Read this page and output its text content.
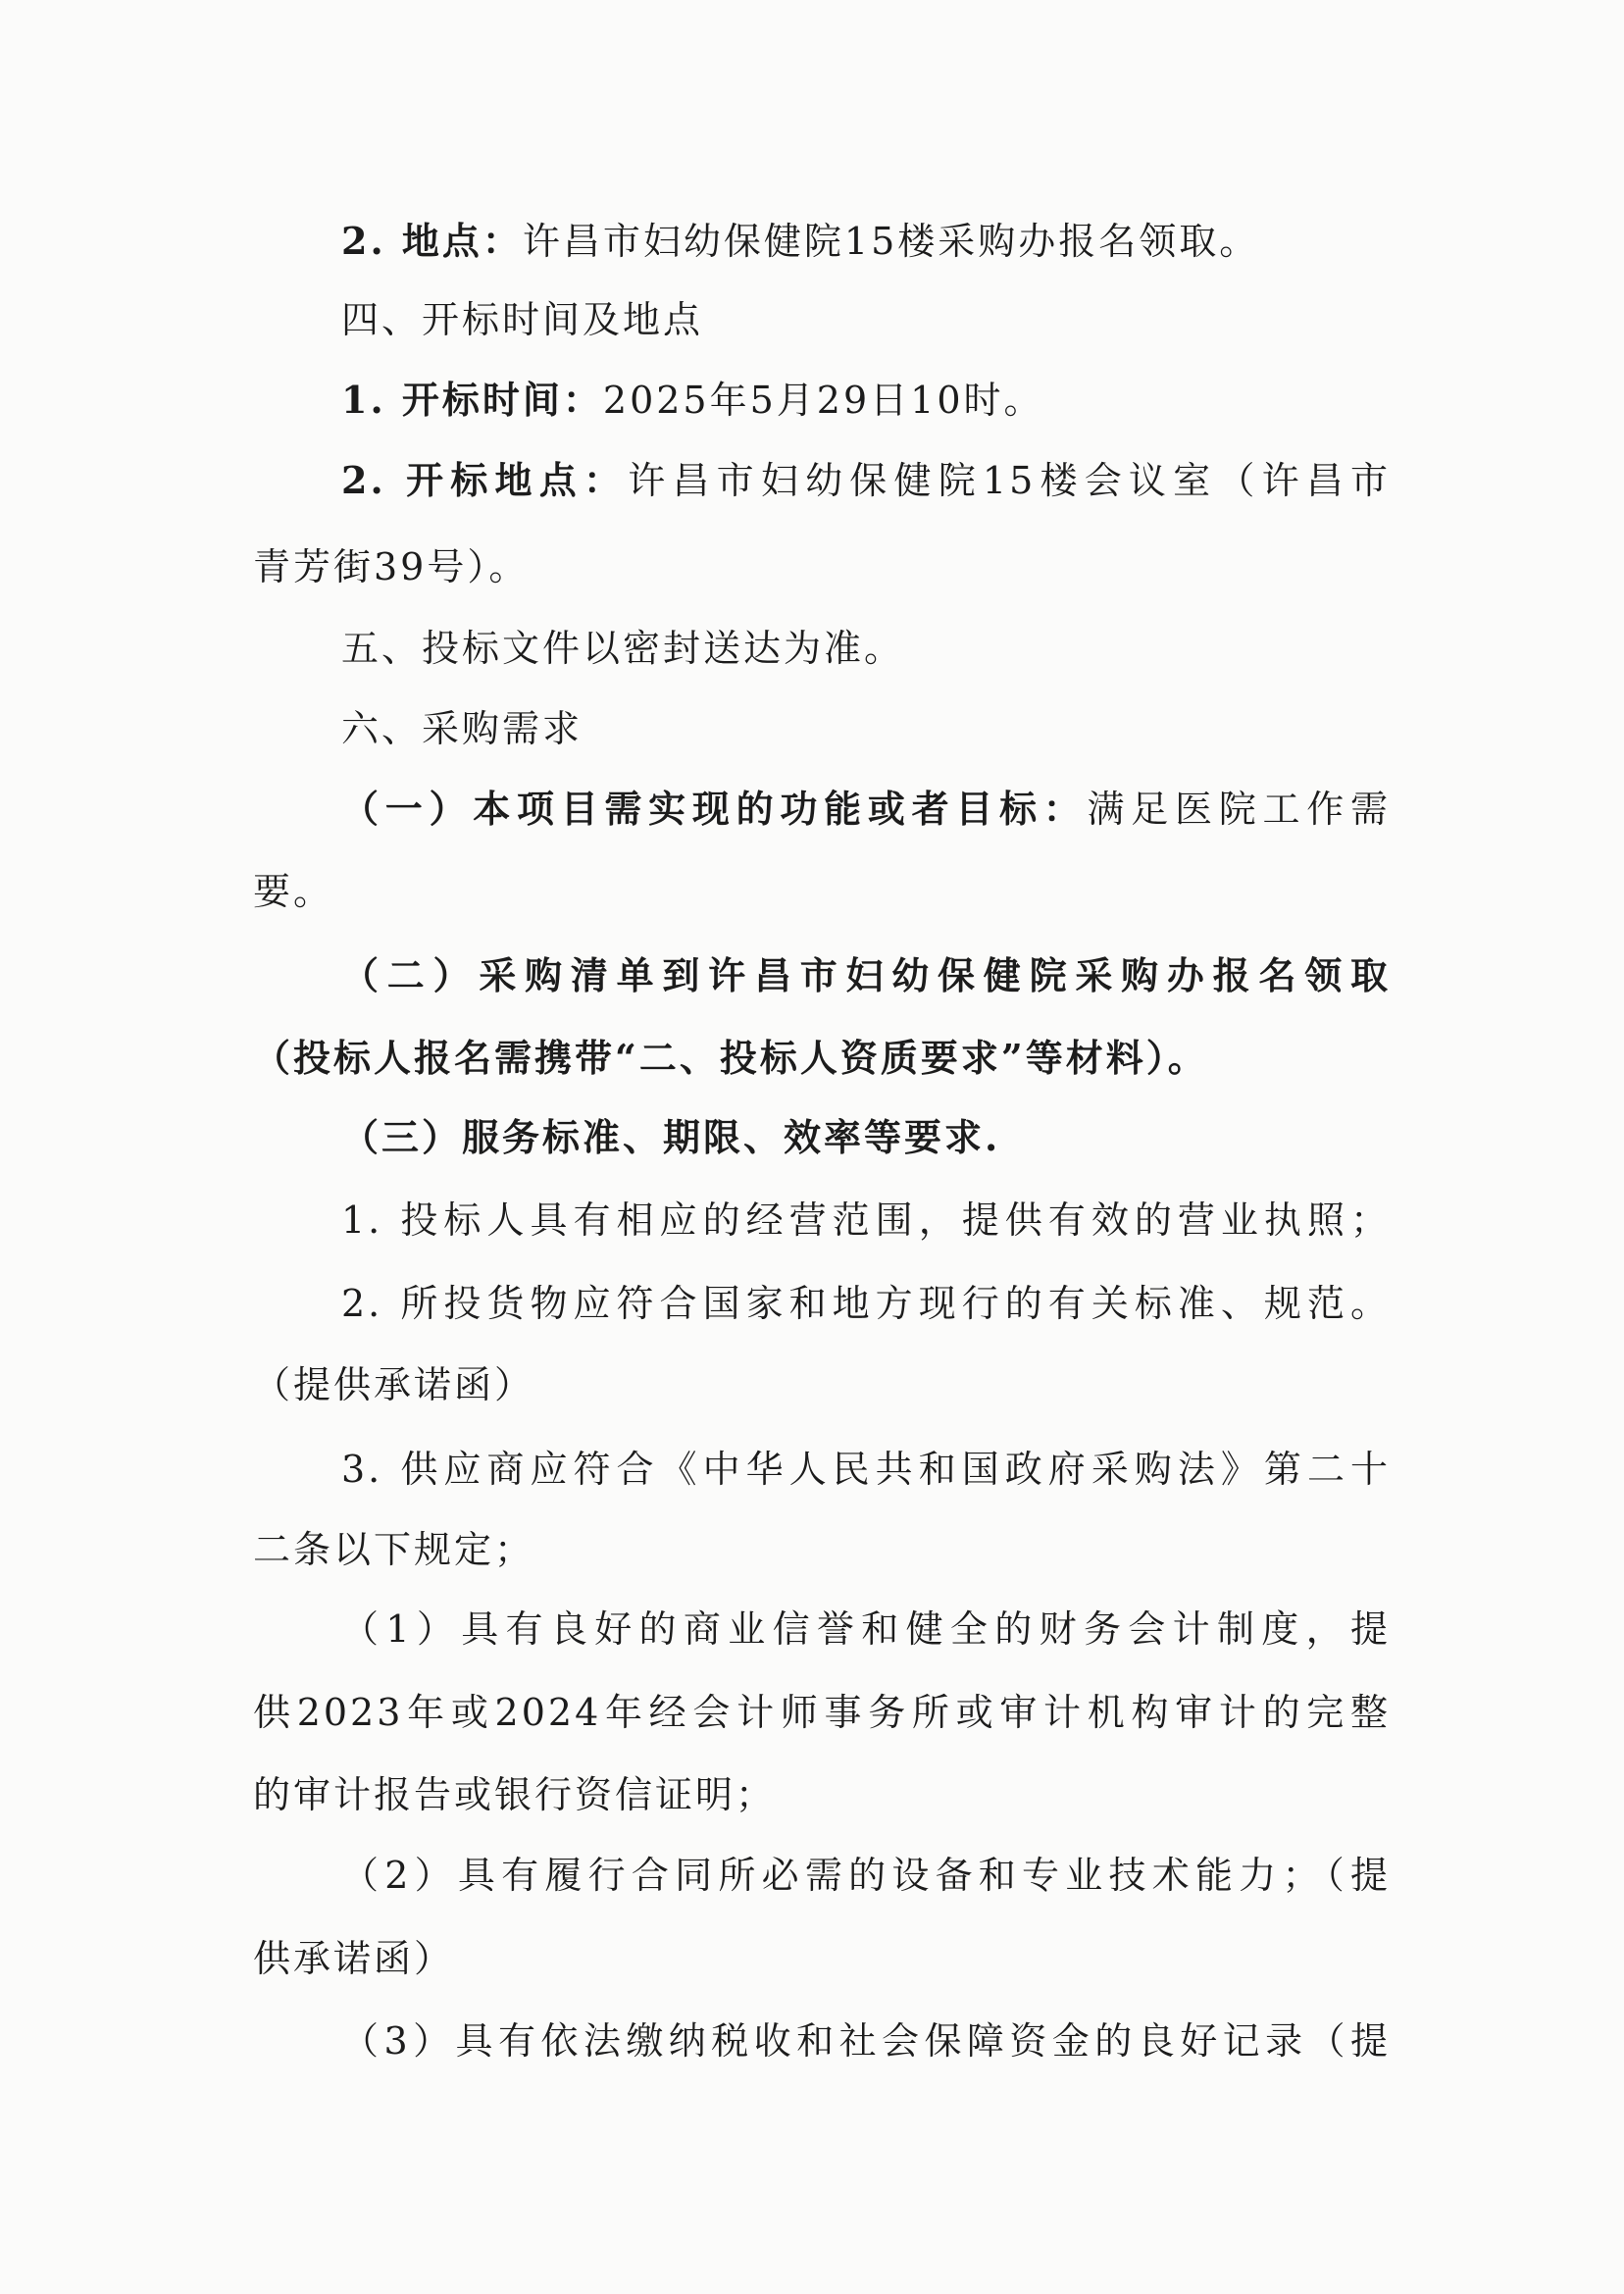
2. 地点：许昌市妇幼保健院15楼采购办报名领取。
四、开标时间及地点
1. 开标时间：2025年5月29日10时。
2. 开标地点：许昌市妇幼保健院15楼会议室（许昌市
青芳街39号）。
五、投标文件以密封送达为准。
六、采购需求
（一）本项目需实现的功能或者目标：满足医院工作需
要。
（二）采购清单到许昌市妇幼保健院采购办报名领取
（投标人报名需携带“二、投标人资质要求”等材料）。
（三）服务标准、期限、效率等要求.
1. 投标人具有相应的经营范围，提供有效的营业执照；
2. 所投货物应符合国家和地方现行的有关标准、规范。
（提供承诺函）
3. 供应商应符合《中华人民共和国政府采购法》第二十
二条以下规定；
（1）具有良好的商业信誉和健全的财务会计制度，提
供2023年或2024年经会计师事务所或审计机构审计的完整
的审计报告或银行资信证明；
（2）具有履行合同所必需的设备和专业技术能力；（提
供承诺函）
（3）具有依法缴纳税收和社会保障资金的良好记录（提
